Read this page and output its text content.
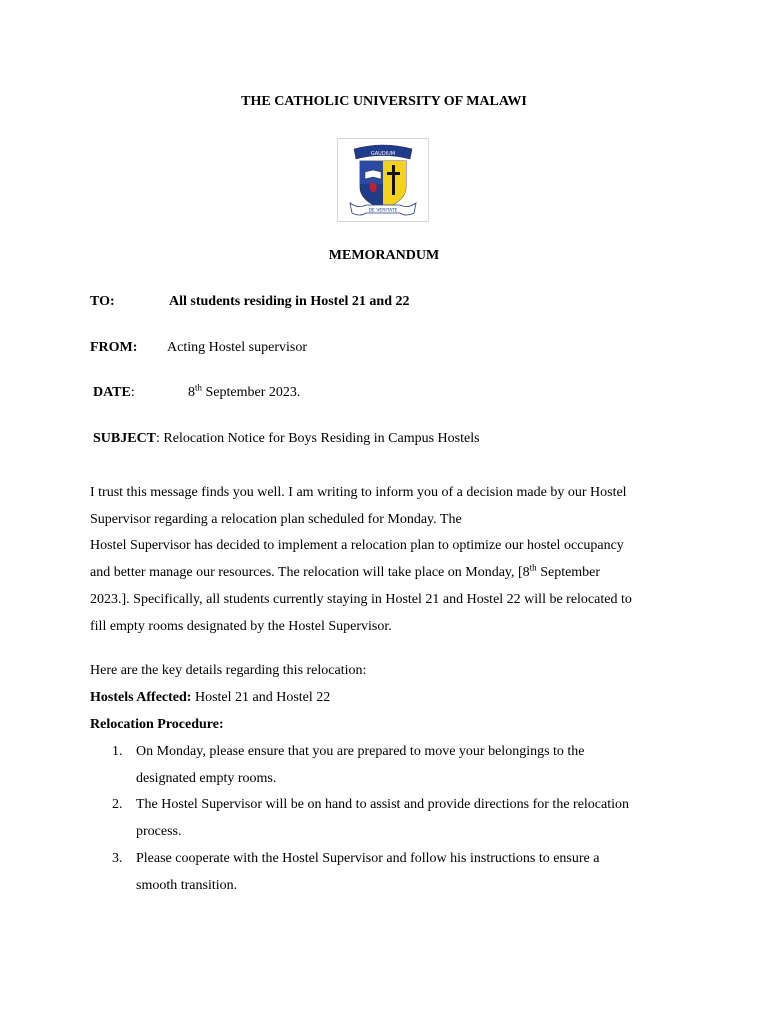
THE CATHOLIC UNIVERSITY OF MALAWI
GAUDIUM
DE VERITATE
MEMORANDUM
TO:	All students residing in Hostel 21 and 22
FROM: Acting Hostel supervisor
DATE:	8th September 2023.
SUBJECT: Relocation Notice for Boys Residing in Campus Hostels

I trust this message finds you well. I am writing to inform you of a decision made by our Hostel

Supervisor regarding a relocation plan scheduled for Monday. The

Hostel Supervisor has decided to implement a relocation plan to optimize our hostel occupancy

and better manage our resources. The relocation will take place on Monday, [8th September

2023.]. Specifically, all students currently staying in Hostel 21 and Hostel 22 will be relocated to

fill empty rooms designated by the Hostel Supervisor.

Here are the key details regarding this relocation:
Hostels Affected: Hostel 21 and Hostel 22
Relocation Procedure:
1. On Monday, please ensure that you are prepared to move your belongings to the
designated empty rooms.
2. The Hostel Supervisor will be on hand to assist and provide directions for the relocation
process.
3. Please cooperate with the Hostel Supervisor and follow his instructions to ensure a
smooth transition.
